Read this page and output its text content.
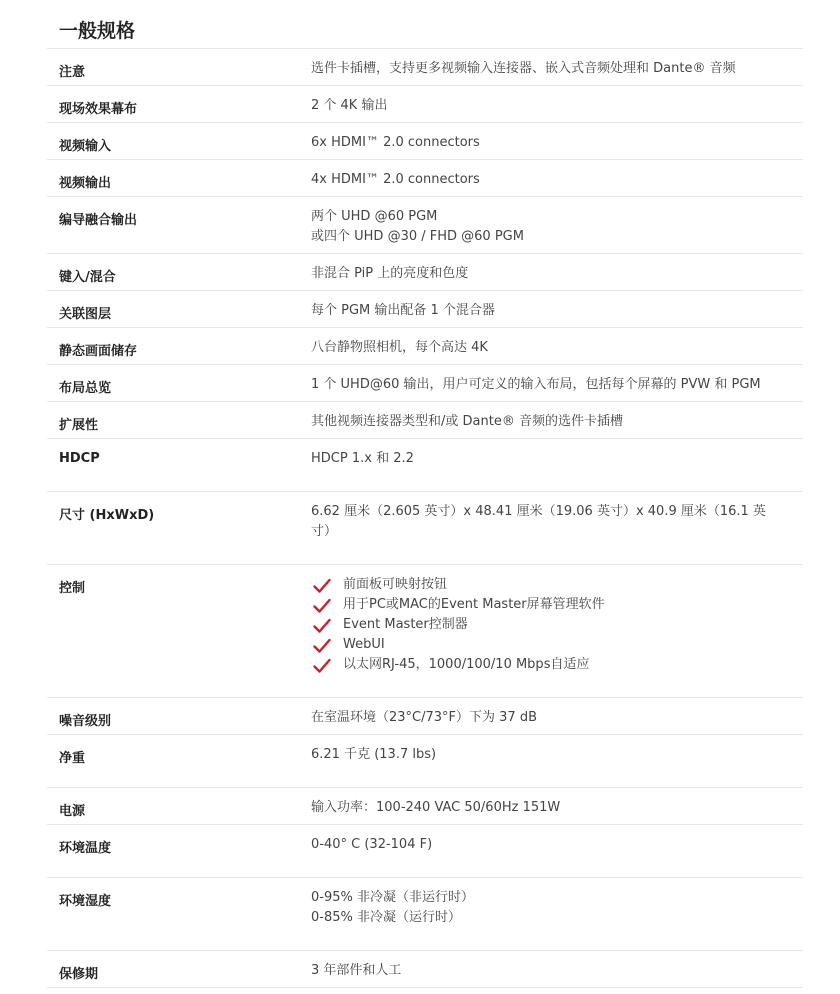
一般规格
注意	选件卡插槽，支持更多视频输入连接器、嵌入式音频处理和 Dante® 音频
现场效果幕布	2 个 4K 输出
视频输入	6x HDMI™ 2.0 connectors
视频输出	4x HDMI™ 2.0 connectors
编导融合输出	两个 UHD @60 PGM
或四个 UHD @30 / FHD @60 PGM
键入/混合	非混合 PiP 上的亮度和色度
关联图层	每个 PGM 输出配备 1 个混合器
静态画面储存	八台静物照相机，每个高达 4K
布局总览	1 个 UHD@60 输出，用户可定义的输入布局，包括每个屏幕的 PVW 和 PGM
扩展性	其他视频连接器类型和/或 Dante® 音频的选件卡插槽
HDCP	HDCP 1.x 和 2.2
尺寸 (HxWxD)	6.62 厘米（2.605 英寸）x 48.41 厘米（19.06 英寸）x 40.9 厘米（16.1 英
寸）
控制	前面板可映射按钮
用于PC或MAC的Event Master屏幕管理软件
Event Master控制器
WebUI
以太网RJ-45，1000/100/10 Mbps自适应
噪音级别	在室温环境（23°C/73°F）下为 37 dB
净重	6.21 千克 (13.7 lbs)
电源	输入功率：100-240 VAC 50/60Hz 151W
环境温度	0-40° C (32-104 F)
环境湿度	0-95% 非冷凝（非运行时）
0-85% 非冷凝（运行时）
保修期	3 年部件和人工
